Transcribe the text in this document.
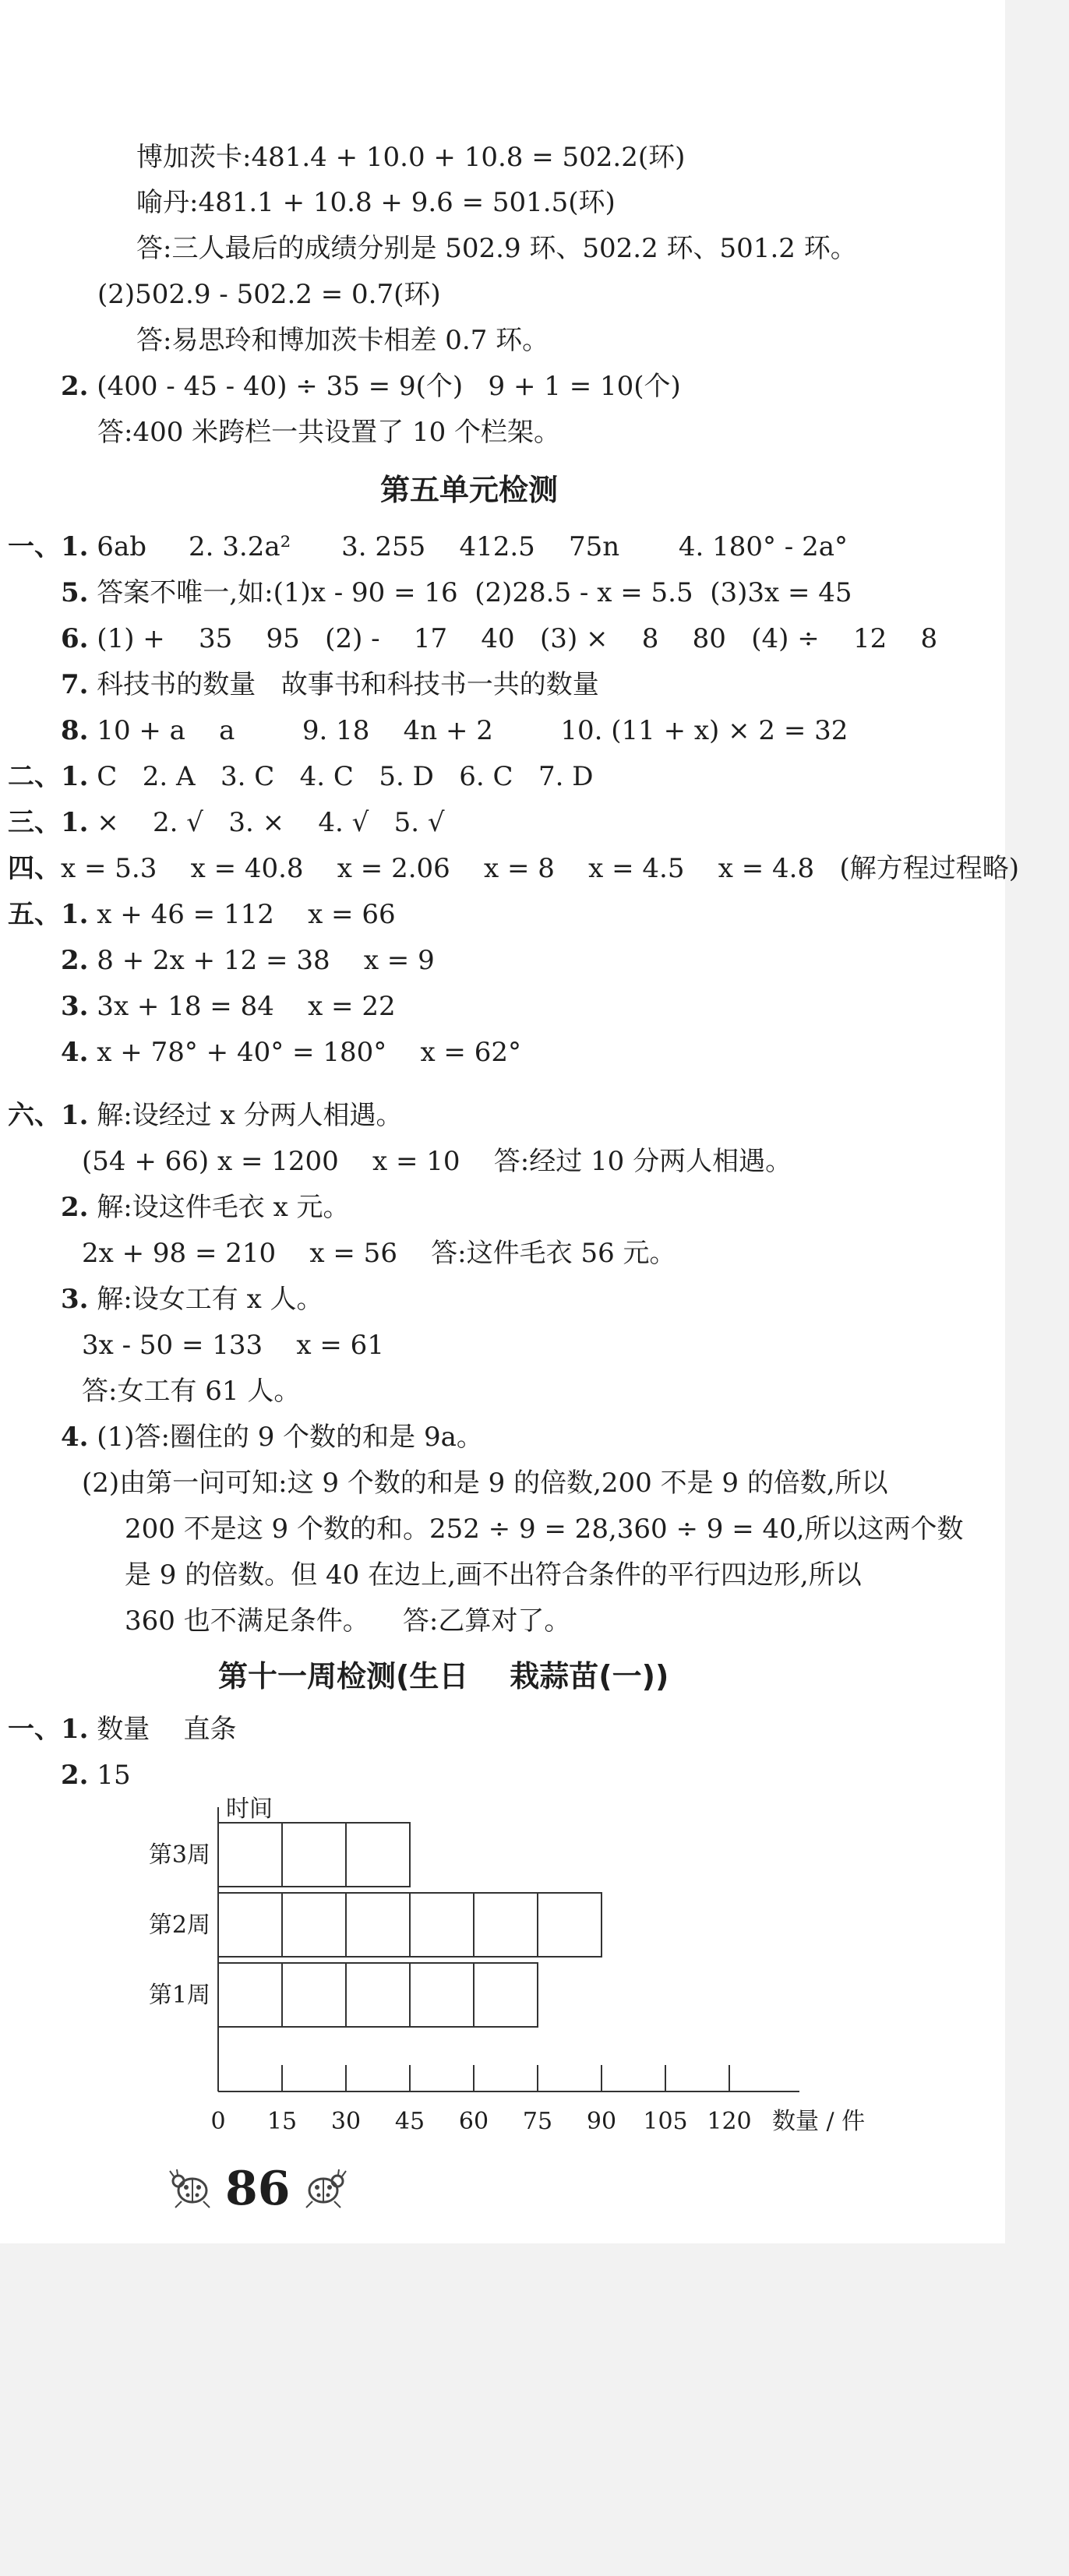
博加茨卡:481.4 + 10.0 + 10.8 = 502.2(环)
喻丹:481.1 + 10.8 + 9.6 = 501.5(环)
答:三人最后的成绩分别是 502.9 环、502.2 环、501.2 环。
(2)502.9 - 502.2 = 0.7(环)
答:易思玲和博加茨卡相差 0.7 环。
2. (400 - 45 - 40) ÷ 35 = 9(个)   9 + 1 = 10(个)
答:400 米跨栏一共设置了 10 个栏架。
第五单元检测
一、1. 6ab     2. 3.2a²      3. 255    412.5    75n       4. 180° - 2a°
5. 答案不唯一,如:(1)x - 90 = 16  (2)28.5 - x = 5.5  (3)3x = 45
6. (1) +    35    95   (2) -    17    40   (3) ×    8    80   (4) ÷    12    8
7. 科技书的数量   故事书和科技书一共的数量
8. 10 + a    a        9. 18    4n + 2        10. (11 + x) × 2 = 32
二、1. C   2. A   3. C   4. C   5. D   6. C   7. D
三、1. ×    2. √   3. ×    4. √   5. √
四、x = 5.3    x = 40.8    x = 2.06    x = 8    x = 4.5    x = 4.8   (解方程过程略)
五、1. x + 46 = 112    x = 66
2. 8 + 2x + 12 = 38    x = 9
3. 3x + 18 = 84    x = 22
4. x + 78° + 40° = 180°    x = 62°
六、1. 解:设经过 x 分两人相遇。
(54 + 66) x = 1200    x = 10    答:经过 10 分两人相遇。
2. 解:设这件毛衣 x 元。
2x + 98 = 210    x = 56    答:这件毛衣 56 元。
3. 解:设女工有 x 人。
3x - 50 = 133    x = 61
答:女工有 61 人。
4. (1)答:圈住的 9 个数的和是 9a。
(2)由第一问可知:这 9 个数的和是 9 的倍数,200 不是 9 的倍数,所以
200 不是这 9 个数的和。252 ÷ 9 = 28,360 ÷ 9 = 40,所以这两个数
是 9 的倍数。但 40 在边上,画不出符合条件的平行四边形,所以
360 也不满足条件。    答:乙算对了。
第十一周检测(生日    栽蒜苗(一))
一、1. 数量    直条
2. 15
时间
0 15 30 45 60 75 90 105 120 数量 / 件
第3周
第2周
第1周
86
